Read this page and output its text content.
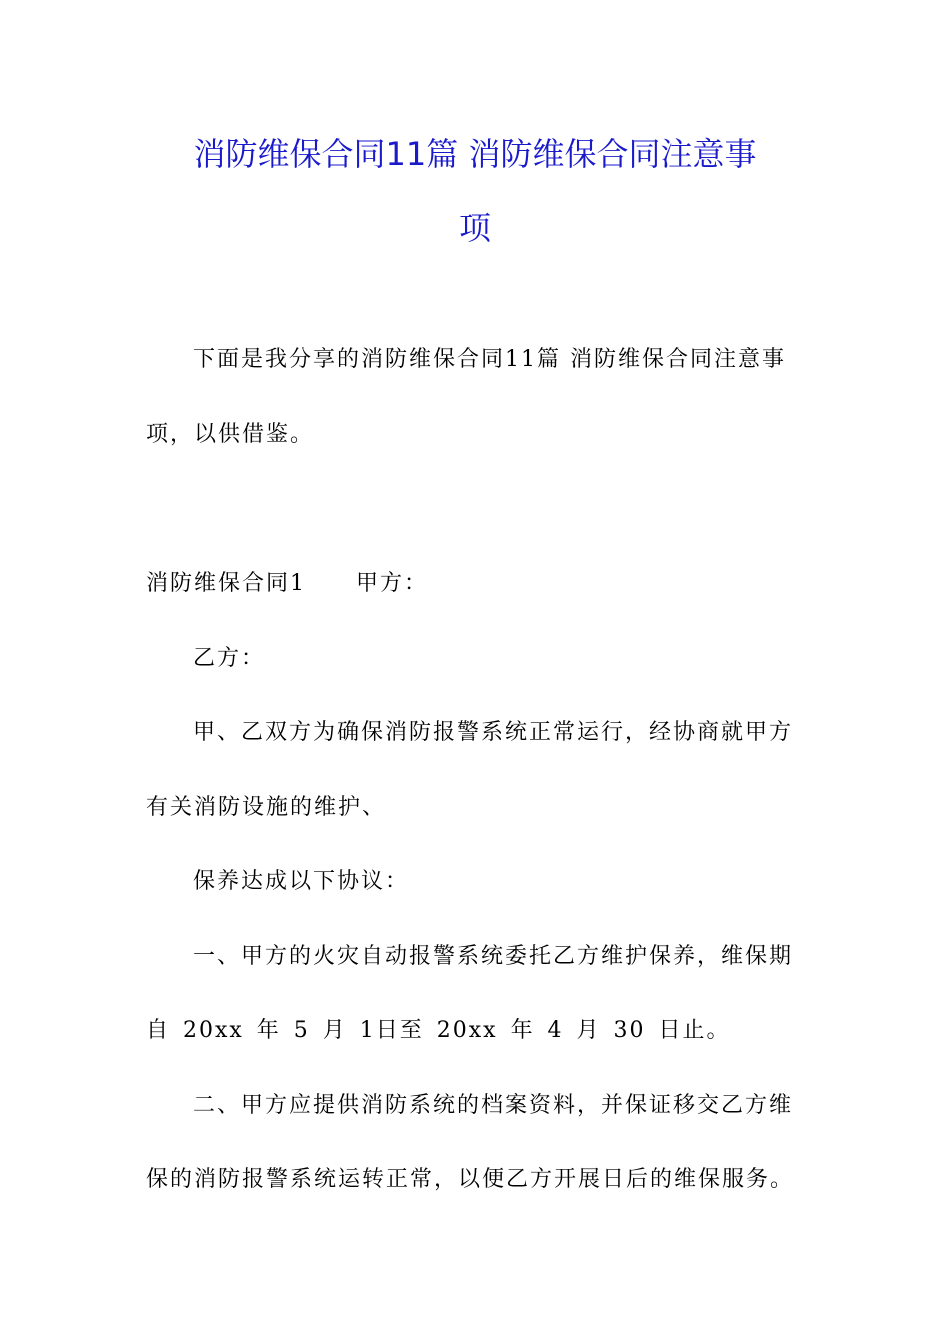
消防维保合同11篇 消防维保合同注意事
项
下面是我分享的消防维保合同11篇 消防维保合同注意事
项，以供借鉴。
消防维保合同1 甲方：
乙方：
甲、乙双方为确保消防报警系统正常运行，经协商就甲方
有关消防设施的维护、
保养达成以下协议：
一、甲方的火灾自动报警系统委托乙方维护保养，维保期
自 20xx 年 5 月 1日至 20xx 年 4 月 30 日止。
二、甲方应提供消防系统的档案资料，并保证移交乙方维
保的消防报警系统运转正常，以便乙方开展日后的维保服务。
